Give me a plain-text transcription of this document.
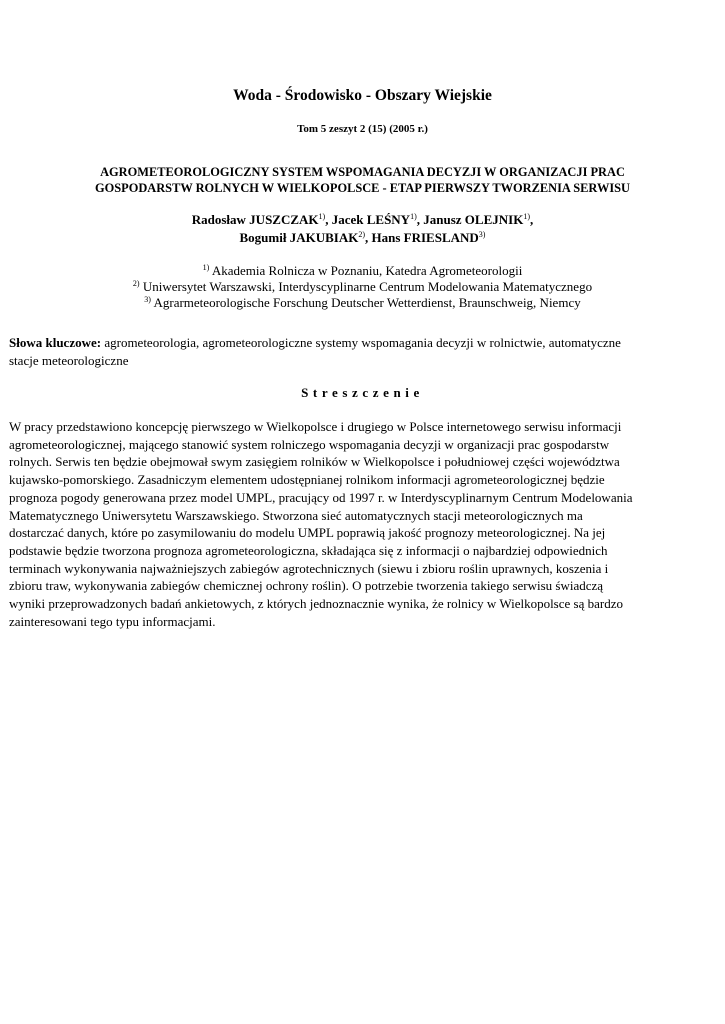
Woda - Środowisko - Obszary Wiejskie
Tom 5 zeszyt 2 (15) (2005 r.)
AGROMETEOROLOGICZNY SYSTEM WSPOMAGANIA DECYZJI W ORGANIZACJI PRAC
GOSPODARSTW ROLNYCH W WIELKOPOLSCE - ETAP PIERWSZY TWORZENIA SERWISU
Radosław JUSZCZAK$^{1)}$, Jacek LEŚNY$^{1)}$, Janusz OLEJNIK$^{1)}$,
Bogumił JAKUBIAK$^{2)}$, Hans FRIESLAND$^{3)}$
$^{1)}$ Akademia Rolnicza w Poznaniu, Katedra Agrometeorologii
$^{2)}$ Uniwersytet Warszawski, Interdyscyplinarne Centrum Modelowania Matematycznego
$^{3)}$ Agrarmeteorologische Forschung Deutscher Wetterdienst, Braunschweig, Niemcy
Słowa kluczowe: agrometeorologia, agrometeorologiczne systemy wspomagania decyzji w rolnictwie, automatyczne
stacje meteorologiczne
Streszczenie
W pracy przedstawiono koncepcję pierwszego w Wielkopolsce i drugiego w Polsce internetowego serwisu informacji
agrometeorologicznej, mającego stanowić system rolniczego wspomagania decyzji w organizacji prac gospodarstw
rolnych. Serwis ten będzie obejmował swym zasięgiem rolników w Wielkopolsce i południowej części województwa
kujawsko-pomorskiego. Zasadniczym elementem udostępnianej rolnikom informacji agrometeorologicznej będzie
prognoza pogody generowana przez model UMPL, pracujący od 1997 r. w Interdyscyplinarnym Centrum Modelowania
Matematycznego Uniwersytetu Warszawskiego. Stworzona sieć automatycznych stacji meteorologicznych ma
dostarczać danych, które po zasymilowaniu do modelu UMPL poprawią jakość prognozy meteorologicznej. Na jej
podstawie będzie tworzona prognoza agrometeorologiczna, składająca się z informacji o najbardziej odpowiednich
terminach wykonywania najważniejszych zabiegów agrotechnicznych (siewu i zbioru roślin uprawnych, koszenia i
zbioru traw, wykonywania zabiegów chemicznej ochrony roślin). O potrzebie tworzenia takiego serwisu świadczą
wyniki przeprowadzonych badań ankietowych, z których jednoznacznie wynika, że rolnicy w Wielkopolsce są bardzo
zainteresowani tego typu informacjami.
